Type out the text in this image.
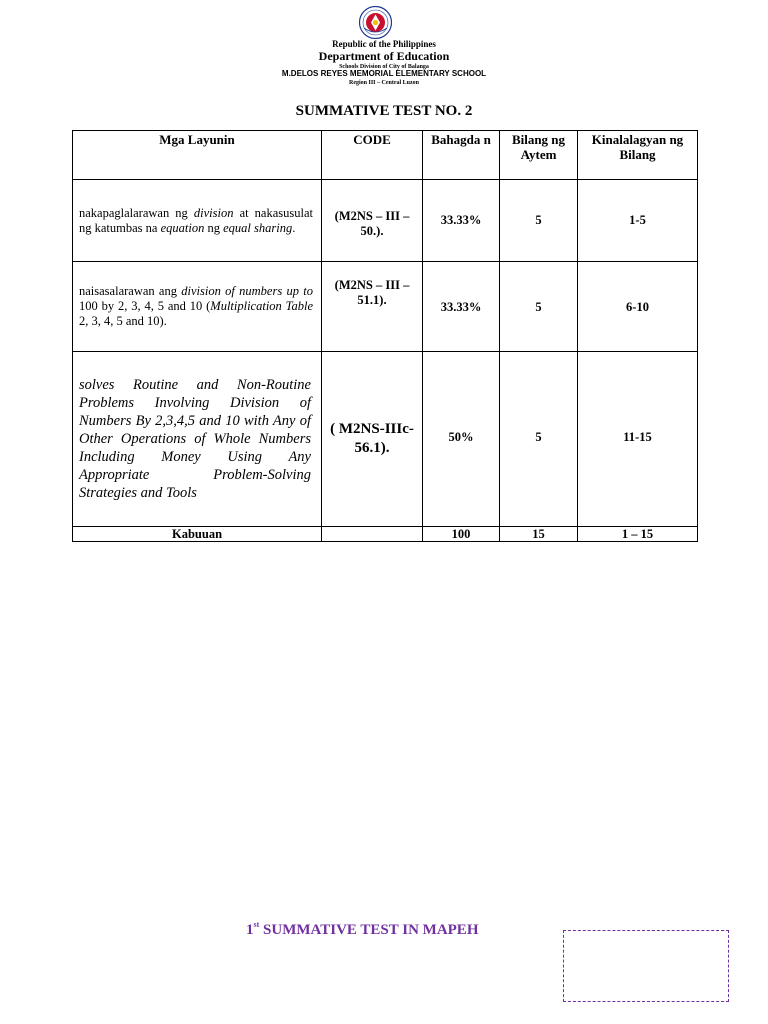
Republic of the Philippines
Department of Education
Schools Division of City of Balanga
M.DELOS REYES MEMORIAL ELEMENTARY SCHOOL
Region III – Central Luzon
SUMMATIVE TEST NO. 2
Mga Layunin	CODE	Bahagda n	Bilang ng Aytem	Kinalalagyan ng Bilang
nakapaglalarawan ng division at nakasusulat ng katumbas na equation ng equal sharing.	(M2NS – III – 50.).	33.33%	5	1-5
naisasalarawan ang division of numbers up to 100 by 2, 3, 4, 5 and 10 (Multiplication Table 2, 3, 4, 5 and 10).	(M2NS – III – 51.1).	33.33%	5	6-10
solves Routine and Non-Routine Problems Involving Division of Numbers By 2,3,4,5 and 10 with Any of Other Operations of Whole Numbers Including Money Using Any Appropriate Problem-Solving Strategies and Tools	( M2NS-IIIc-56.1).	50%	5	11-15
Kabuuan		100	15	1 – 15
1st SUMMATIVE TEST IN MAPEH
